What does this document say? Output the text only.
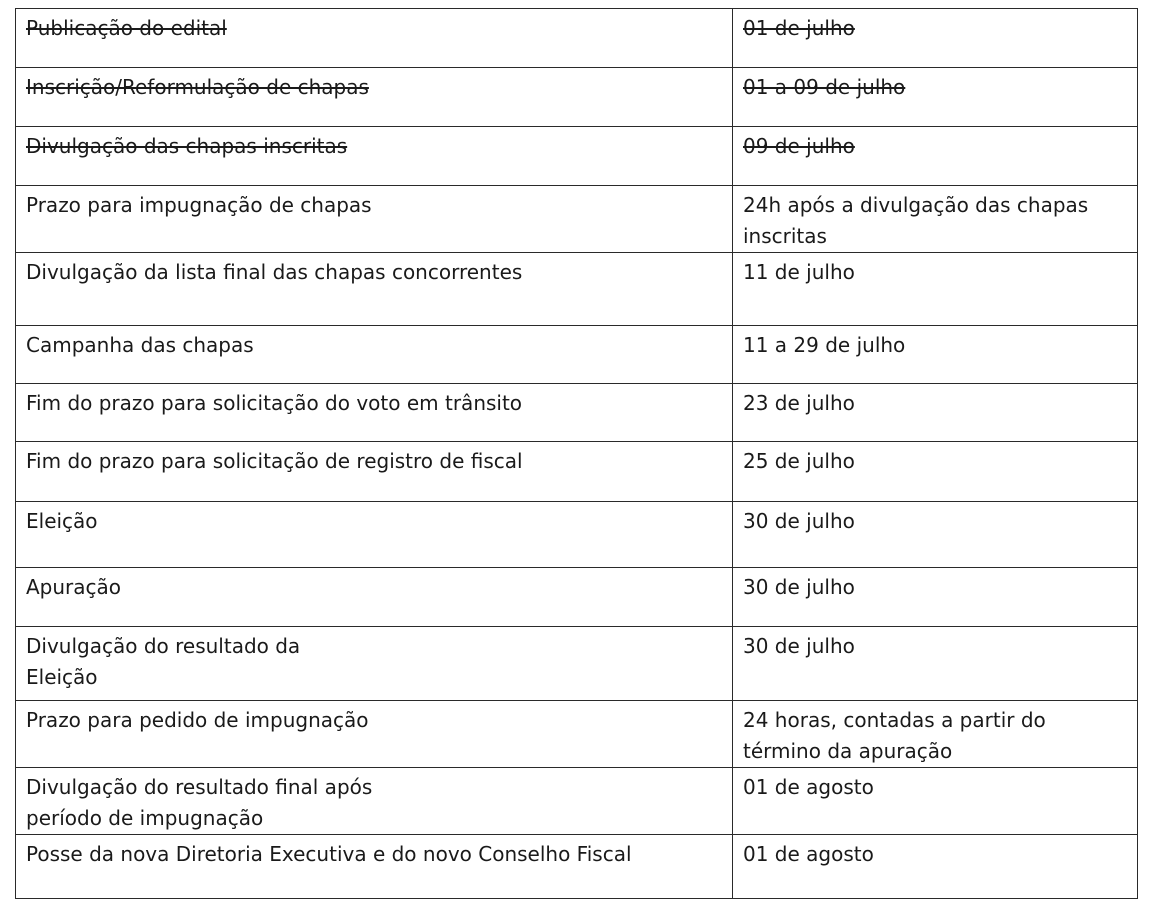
Publicação do edital	01 de julho
Inscrição/Reformulação de chapas	01 a 09 de julho
Divulgação das chapas inscritas	09 de julho
Prazo para impugnação de chapas	24h após a divulgação das chapas
inscritas
Divulgação da lista final das chapas concorrentes	11 de julho
Campanha das chapas	11 a 29 de julho
Fim do prazo para solicitação do voto em trânsito	23 de julho
Fim do prazo para solicitação de registro de fiscal	25 de julho
Eleição	30 de julho
Apuração	30 de julho
Divulgação do resultado da
Eleição	30 de julho
Prazo para pedido de impugnação	24 horas, contadas a partir do
término da apuração
Divulgação do resultado final após
período de impugnação	01 de agosto
Posse da nova Diretoria Executiva e do novo Conselho Fiscal	01 de agosto
